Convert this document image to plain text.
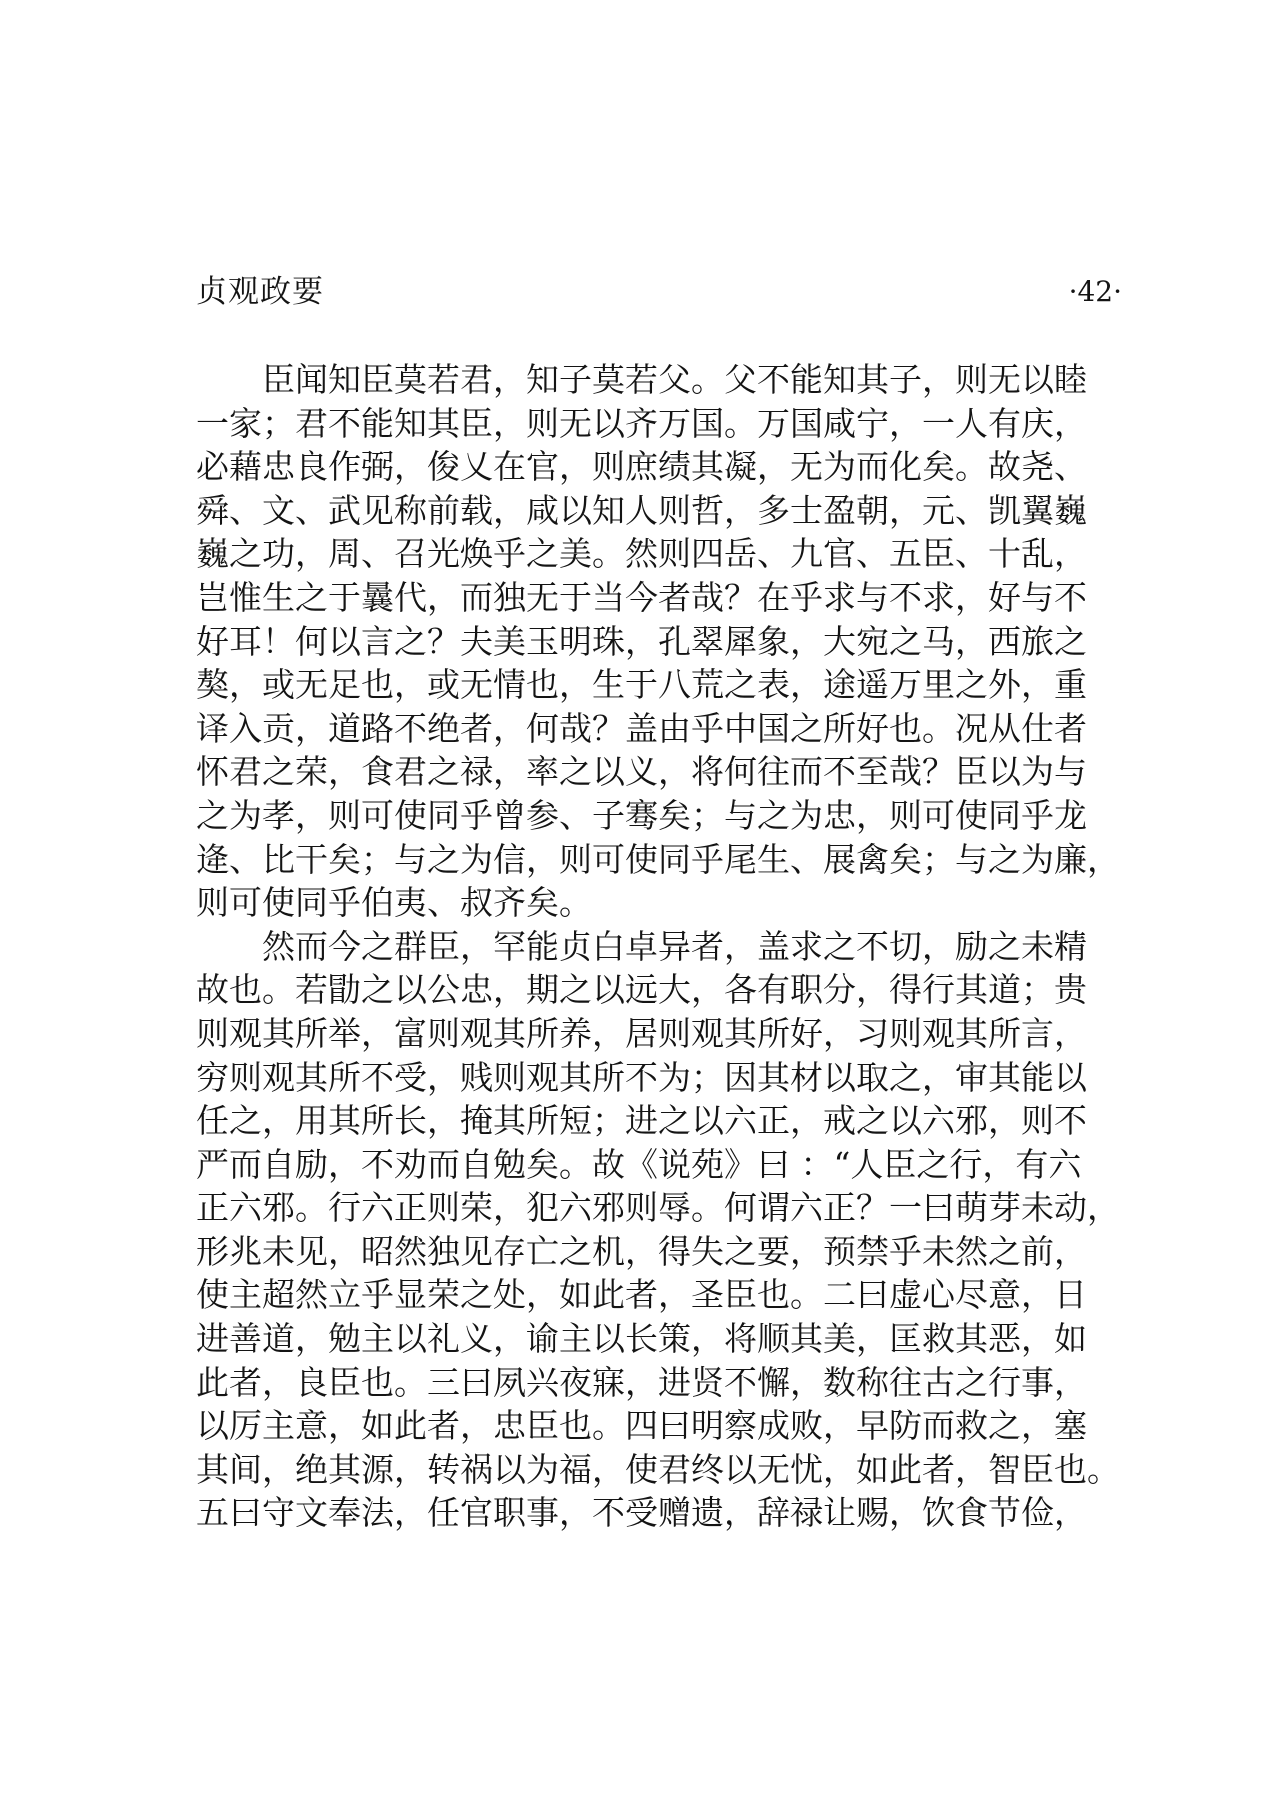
贞观政要	·42·
　　臣闻知臣莫若君，知子莫若父。父不能知其子，则无以睦
一家；君不能知其臣，则无以齐万国。万国咸宁，一人有庆，
必藉忠良作弼，俊乂在官，则庶绩其凝，无为而化矣。故尧、
舜、文、武见称前载，咸以知人则哲，多士盈朝，元、凯翼巍
巍之功，周、召光焕乎之美。然则四岳、九官、五臣、十乱，
岂惟生之于曩代，而独无于当今者哉？在乎求与不求，好与不
好耳！何以言之？夫美玉明珠，孔翠犀象，大宛之马，西旅之
獒，或无足也，或无情也，生于八荒之表，途遥万里之外，重
译入贡，道路不绝者，何哉？盖由乎中国之所好也。况从仕者
怀君之荣，食君之禄，率之以义，将何往而不至哉？臣以为与
之为孝，则可使同乎曾参、子骞矣；与之为忠，则可使同乎龙
逄、比干矣；与之为信，则可使同乎尾生、展禽矣；与之为廉，
则可使同乎伯夷、叔齐矣。
　　然而今之群臣，罕能贞白卓异者，盖求之不切，励之未精
故也。若勖之以公忠，期之以远大，各有职分，得行其道；贵
则观其所举，富则观其所养，居则观其所好，习则观其所言，
穷则观其所不受，贱则观其所不为；因其材以取之，审其能以
任之，用其所长，掩其所短；进之以六正，戒之以六邪，则不
严而自励，不劝而自勉矣。故《说苑》曰 ：“人臣之行，有六
正六邪。行六正则荣，犯六邪则辱。何谓六正？一曰萌芽未动，
形兆未见，昭然独见存亡之机，得失之要，预禁乎未然之前，
使主超然立乎显荣之处，如此者，圣臣也。二曰虚心尽意，日
进善道，勉主以礼义，谕主以长策，将顺其美，匡救其恶，如
此者，良臣也。三曰夙兴夜寐，进贤不懈，数称往古之行事，
以厉主意，如此者，忠臣也。四曰明察成败，早防而救之，塞
其间，绝其源，转祸以为福，使君终以无忧，如此者，智臣也。
五曰守文奉法，任官职事，不受赠遗，辞禄让赐，饮食节俭，
